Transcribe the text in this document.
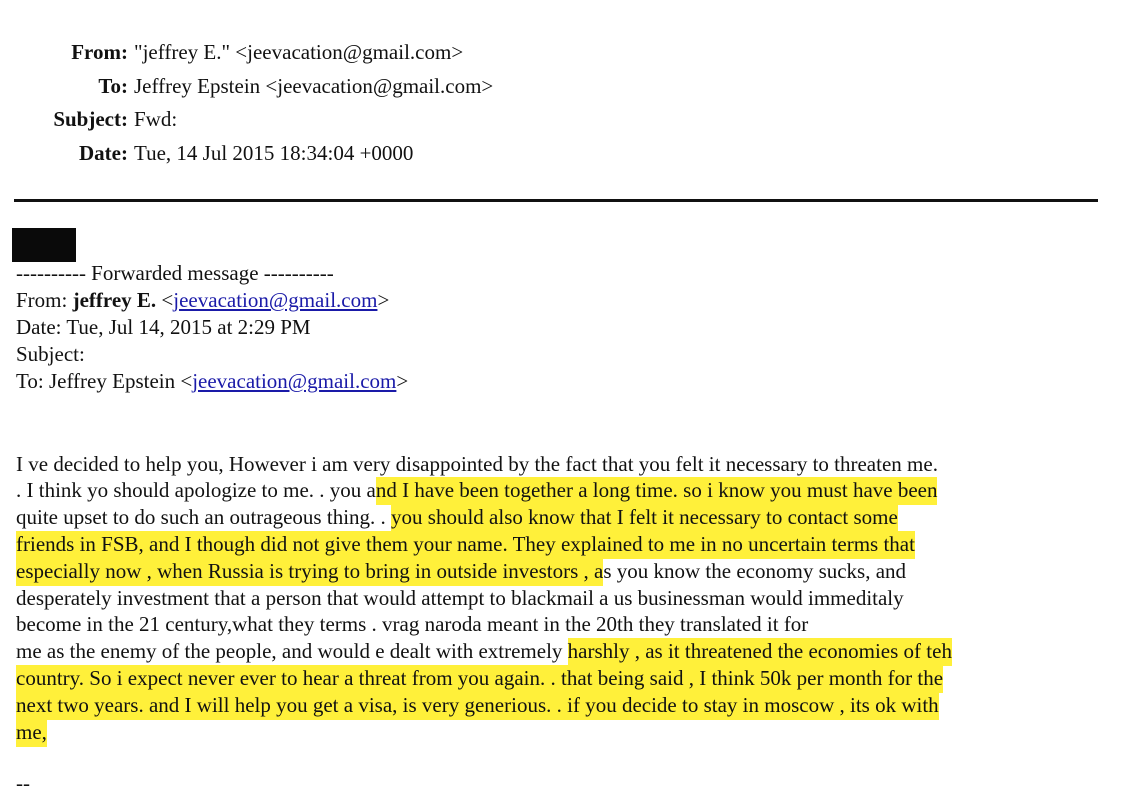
From: "jeffrey E." <jeevacation@gmail.com>
To: Jeffrey Epstein <jeevacation@gmail.com>
Subject: Fwd:
Date: Tue, 14 Jul 2015 18:34:04 +0000
---------- Forwarded message ----------
From: jeffrey E. <jeevacation@gmail.com>
Date: Tue, Jul 14, 2015 at 2:29 PM
Subject:
To: Jeffrey Epstein <jeevacation@gmail.com>
I ve decided to help you, However i am very disappointed by the fact that you felt it necessary to threaten me.
. I think yo should apologize to me. . you and I have been together a long time. so i know you must have been
quite upset to do such an outrageous thing. . you should also know that I felt it necessary to contact some
friends in FSB, and I though did not give them your name. They explained to me in no uncertain terms that
especially now , when Russia is trying to bring in outside investors , as you know the economy sucks, and
desperately investment that a person that would attempt to blackmail a us businessman would immeditaly
become in the 21 century,what they terms . vrag naroda meant in the 20th they translated it for
me as the enemy of the people, and would e dealt with extremely harshly , as it threatened the economies of teh
country. So i expect never ever to hear a threat from you again. . that being said , I think 50k per month for the
next two years. and I will help you get a visa, is very generious. . if you decide to stay in moscow , its ok with
me,
--
